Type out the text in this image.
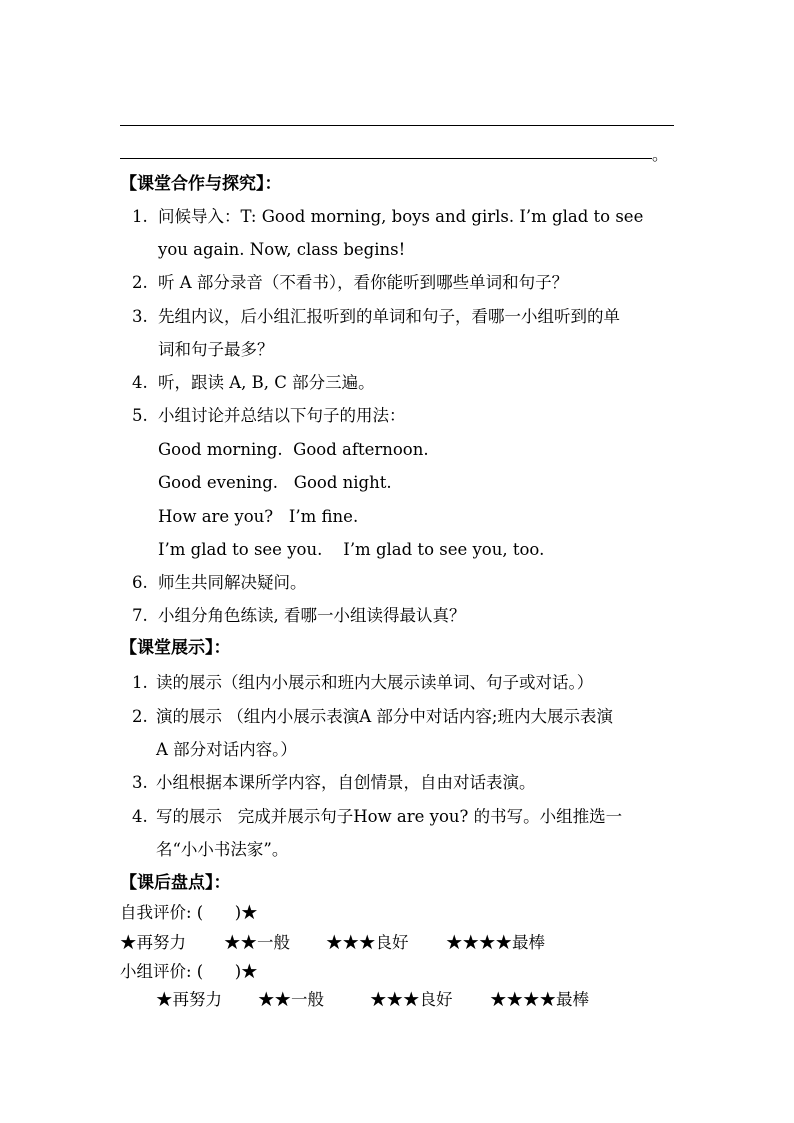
。
【课堂合作与探究】：
1. 问候导入：T: Good morning, boys and girls. I’m glad to see
you again. Now, class begins!
2. 听 A 部分录音（不看书），看你能听到哪些单词和句子？
3. 先组内议，后小组汇报听到的单词和句子，看哪一小组听到的单
词和句子最多？
4. 听，跟读 A, B, C 部分三遍。
5. 小组讨论并总结以下句子的用法：
Good morning.  Good afternoon.
Good evening.   Good night.
How are you?   I’m fine.
I’m glad to see you.    I’m glad to see you, too.
6. 师生共同解决疑问。
7. 小组分角色练读, 看哪一小组读得最认真？
【课堂展示】：
1. 读的展示（组内小展示和班内大展示读单词、句子或对话。）
2. 演的展示 （组内小展示表演A 部分中对话内容;班内大展示表演
A 部分对话内容。）
3. 小组根据本课所学内容，自创情景，自由对话表演。
4. 写的展示   完成并展示句子How are you? 的书写。小组推选一
名“小小书法家”。
【课后盘点】：
自我评价: (      )★
★再努力 ★★一般 ★★★良好 ★★★★最棒
小组评价: (      )★
★再努力 ★★一般	★★★良好 ★★★★最棒
